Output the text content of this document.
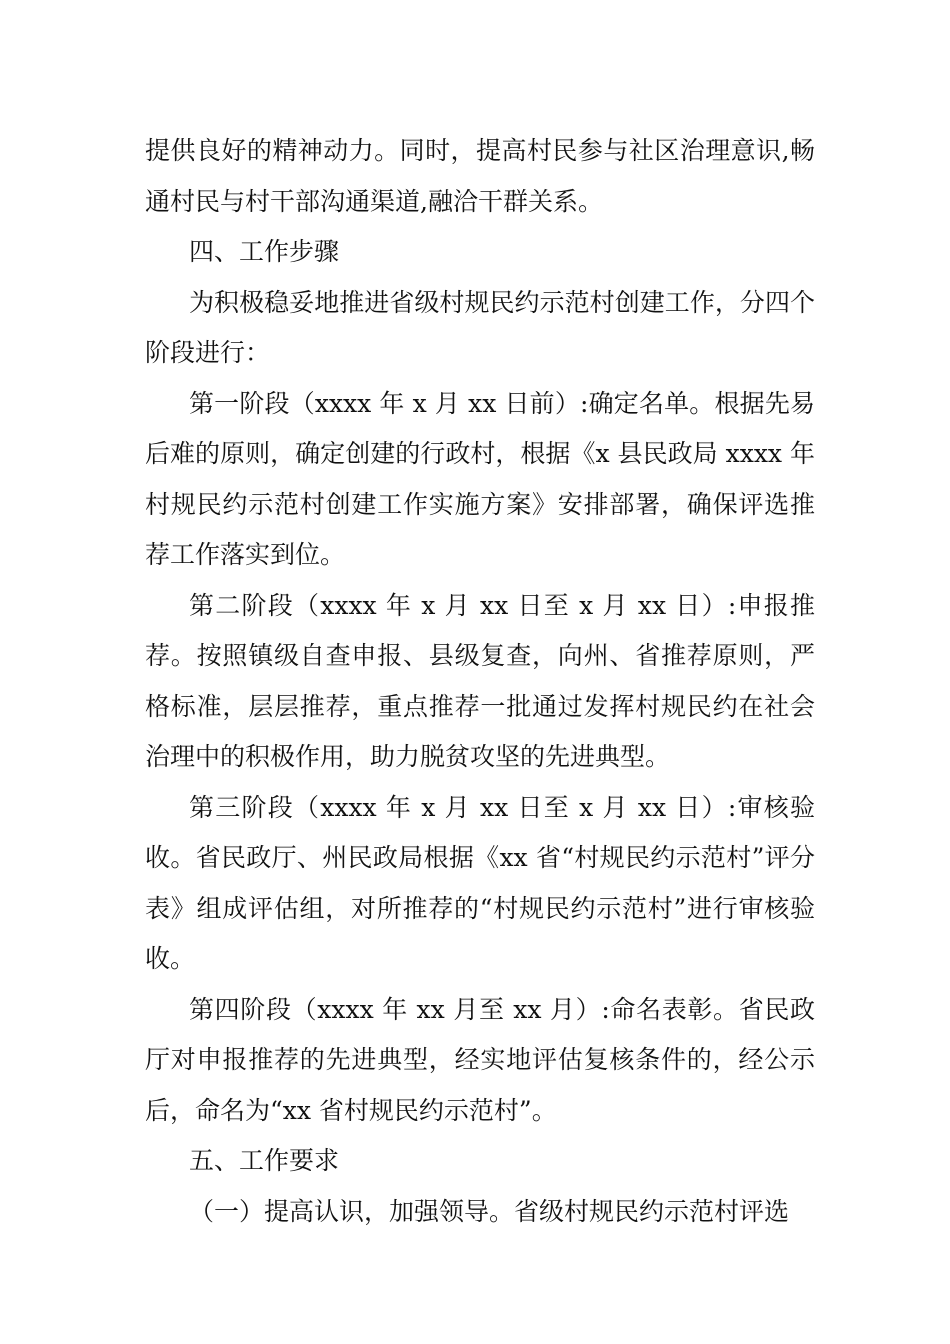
提供良好的精神动力。同时，提高村民参与社区治理意识,畅通村民与村干部沟通渠道,融洽干群关系。

四、工作步骤

为积极稳妥地推进省级村规民约示范村创建工作，分四个阶段进行：

第一阶段（xxxx 年 x 月 xx 日前）:确定名单。根据先易后难的原则，确定创建的行政村，根据《x 县民政局 xxxx 年村规民约示范村创建工作实施方案》安排部署，确保评选推荐工作落实到位。

第二阶段（xxxx 年 x 月 xx 日至 x 月 xx 日）:申报推荐。按照镇级自查申报、县级复查，向州、省推荐原则，严格标准，层层推荐，重点推荐一批通过发挥村规民约在社会治理中的积极作用，助力脱贫攻坚的先进典型。

第三阶段（xxxx 年 x 月 xx 日至 x 月 xx 日）:审核验收。省民政厅、州民政局根据《xx 省“村规民约示范村”评分表》组成评估组，对所推荐的“村规民约示范村”进行审核验收。

第四阶段（xxxx 年 xx 月至 xx 月）:命名表彰。省民政厅对申报推荐的先进典型，经实地评估复核条件的，经公示后，命名为“xx 省村规民约示范村”。

五、工作要求

（一）提高认识，加强领导。省级村规民约示范村评选
